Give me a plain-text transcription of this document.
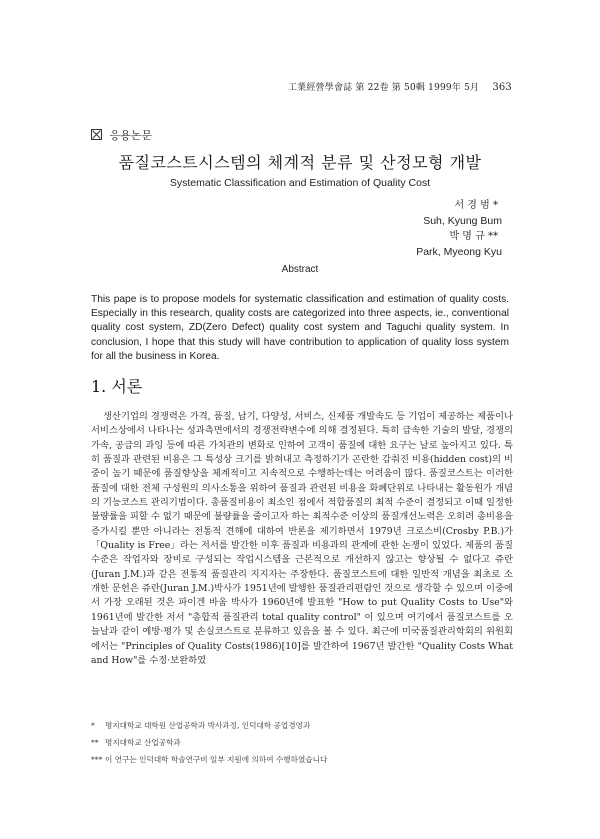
工業經營學會誌 第 22卷 第 50輯 1999年 5月 363
응용논문
품질코스트시스템의 체계적 분류 및 산정모형 개발
Systematic Classification and Estimation of Quality Cost
서 경 범 *
Suh, Kyung Bum
박 명 규 **
Park, Myeong Kyu
Abstract
This pape is to propose models for systematic classification and estimation of quality costs. Especially in this research, quality costs are categorized into three aspects, ie., conventional quality cost system, ZD(Zero Defect) quality cost system and Taguchi quality system. In conclusion, I hope that this study will have contribution to application of quality loss system for all the business in Korea.
1. 서론
생산기업의 경쟁력은 가격, 품질, 납기, 다양성, 서비스, 신제품 개발속도 등 기업이 제공하는 제품이나 서비스상에서 나타나는 성과측면에서의 경쟁전략변수에 의해 결정된다. 특히 급속한 기술의 발달, 경쟁의 가속, 공급의 과잉 등에 따른 가치관의 변화로 인하여 고객이 품질에 대한 요구는 날로 높아지고 있다. 특히 품질과 관련된 비용은 그 특성상 크기를 밝혀내고 측정하기가 곤란한 감춰진 비용(hidden cost)의 비중이 높기 때문에 품질향상을 체계적이고 지속적으로 수행하는데는 어려움이 많다. 품질코스트는 이러한 품질에 대한 전체 구성원의 의사소통을 위하여 품질과 관련된 비용을 화폐단위로 나타내는 활동원가 개념의 기능코스트 관리기법이다. 총품질비용이 최소인 점에서 적합품질의 최적 수준이 결정되고 이때 일정한 불량률을 피할 수 없기 때문에 불량률을 줄이고자 하는 최적수준 이상의 품질개선노력은 오히려 총비용을 증가시킬 뿐만 아니라는 전통적 견해에 대하여 반론을 제기하면서 1979년 크로스비(Crosby P.B.)가 「Quality is Free」라는 저서를 발간한 이후 품질과 비용과의 관계에 관한 논쟁이 있었다. 제품의 품질수준은 작업자와 장비로 구성되는 작업시스템을 근본적으로 개선하지 않고는 향상될 수 없다고 쥬란(Juran J.M.)과 같은 전통적 품질관리 지지자는 주장한다. 품질코스트에 대한 일반적 개념을 최초로 소개한 문헌은 쥬란(Juran J.M.)박사가 1951년에 발행한 품질관리편람인 것으로 생각할 수 있으며 이중에서 가장 오래된 것은 파이겐 바움 박사가 1960년에 발표한 "How to put Quality Costs to Use"와 1961년에 발간한 저서 "총합적 품질관리 total quality control" 이 있으며 여기에서 품질코스트를 오늘날과 같이 예방·평가 및 손실코스트로 분류하고 있음을 볼 수 있다. 최근에 미국품질관리학회의 위원회에서는 "Principles of Quality Costs(1986)[10]를 발간하여 1967년 발간한 "Quality Costs What and How"를 수정·보완하였
* 명지대학교 대학원 산업공학과 박사과정, 인덕대학 공업경영과
** 명지대학교 산업공학과
*** 이 연구는 인덕대학 학술연구비 일부 지원에 의하여 수행하였습니다
